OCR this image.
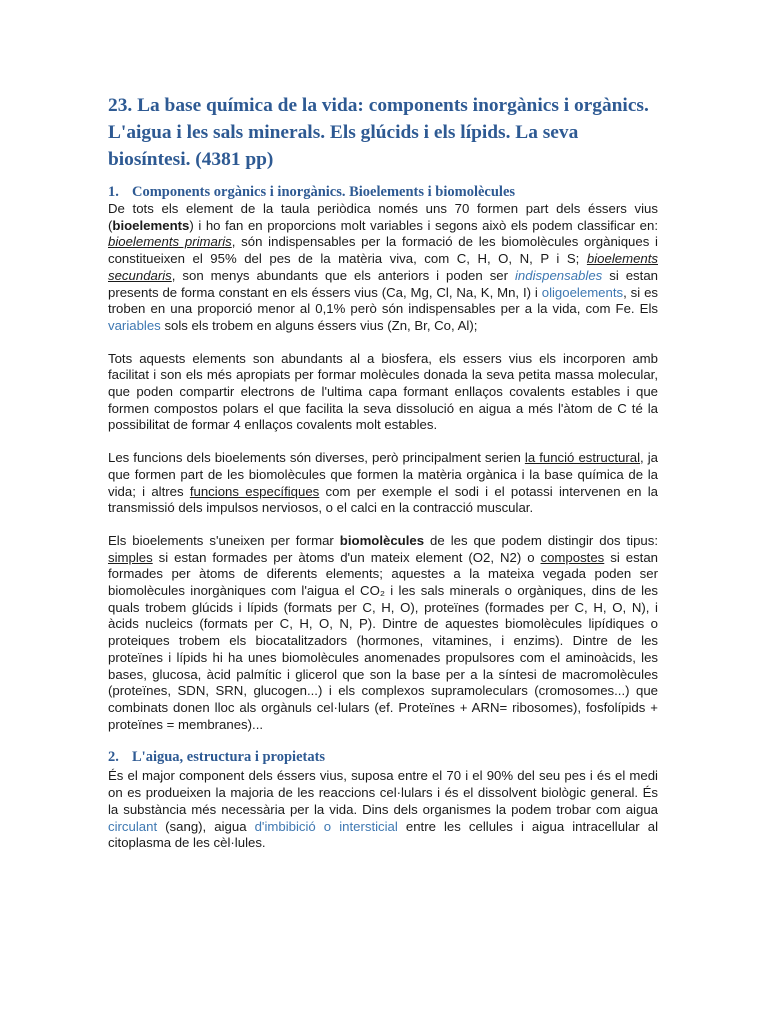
23. La base química de la vida: components inorgànics i orgànics. L'aigua i les sals minerals. Els glúcids i els lípids. La seva biosíntesi. (4381 pp)
1. Components orgànics i inorgànics. Bioelements i biomolècules

De tots els element de la taula periòdica només uns 70 formen part dels éssers vius (bioelements) i ho fan en proporcions molt variables i segons això els podem classificar en: bioelements primaris, són indispensables per la formació de les biomolècules orgàniques i constitueixen el 95% del pes de la matèria viva, com C, H, O, N, P i S; bioelements secundaris, son menys abundants que els anteriors i poden ser indispensables si estan presents de forma constant en els éssers vius (Ca, Mg, Cl, Na, K, Mn, I) i oligoelements, si es troben en una proporció menor al 0,1% però són indispensables per a la vida, com Fe. Els variables sols els trobem en alguns éssers vius (Zn, Br, Co, Al);

Tots aquests elements son abundants al a biosfera, els essers vius els incorporen amb facilitat i son els més apropiats per formar molècules donada la seva petita massa molecular, que poden compartir electrons de l'ultima capa formant enllaços covalents estables i que formen compostos polars el que facilita la seva dissolució en aigua a més l'àtom de C té la possibilitat de formar 4 enllaços covalents molt estables.

Les funcions dels bioelements són diverses, però principalment serien la funció estructural, ja que formen part de les biomolècules que formen la matèria orgànica i la base química de la vida; i altres funcions específiques com per exemple el sodi i el potassi intervenen en la transmissió dels impulsos nerviosos, o el calci en la contracció muscular.

Els bioelements s'uneixen per formar biomolècules de les que podem distingir dos tipus: simples si estan formades per àtoms d'un mateix element (O2, N2) o compostes si estan formades per àtoms de diferents elements; aquestes a la mateixa vegada poden ser biomolècules inorgàniques com l'aigua el CO₂ i les sals minerals o orgàniques, dins de les quals trobem glúcids i lípids (formats per C, H, O), proteïnes (formades per C, H, O, N), i àcids nucleics (formats per C, H, O, N, P). Dintre de aquestes biomolècules lipídiques o proteiques trobem els biocatalitzadors (hormones, vitamines, i enzims). Dintre de les proteïnes i lípids hi ha unes biomolècules anomenades propulsores com el aminoàcids, les bases, glucosa, àcid palmític i glicerol que son la base per a la síntesi de macromolècules (proteïnes, SDN, SRN, glucogen...) i els complexos supramoleculars (cromosomes...) que combinats donen lloc als orgànuls cel·lulars (ef. Proteïnes + ARN= ribosomes), fosfolípids + proteïnes = membranes)...

2. L'aigua, estructura i propietats

És el major component dels éssers vius, suposa entre el 70 i el 90% del seu pes i és el medi on es produeixen la majoria de les reaccions cel·lulars i és el dissolvent biològic general. És la substància més necessària per la vida. Dins dels organismes la podem trobar com aigua circulant (sang), aigua d'imbibició o intersticial entre les cellules i aigua intracellular al citoplasma de les cèl·lules.
